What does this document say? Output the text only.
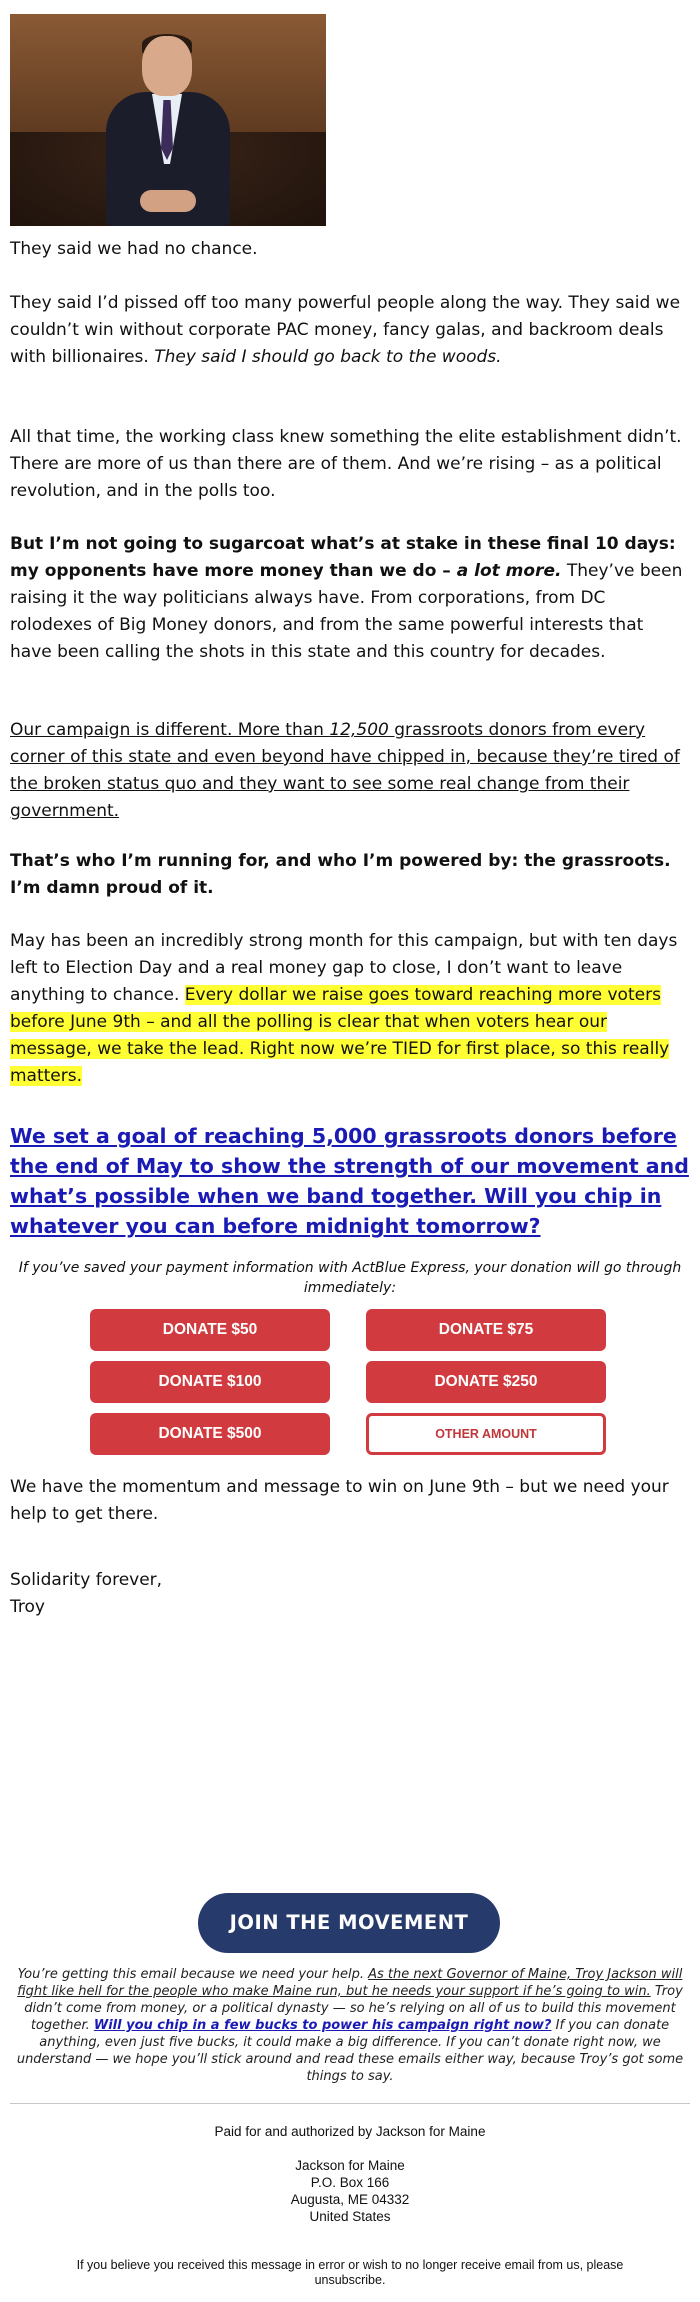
They said we had no chance.

They said I’d pissed off too many powerful people along the way. They said we couldn’t win without corporate PAC money, fancy galas, and backroom deals with billionaires. They said I should go back to the woods.

All that time, the working class knew something the elite establishment didn’t. There are more of us than there are of them. And we’re rising – as a political revolution, and in the polls too.

But I’m not going to sugarcoat what’s at stake in these final 10 days: my opponents have more money than we do – a lot more. They’ve been raising it the way politicians always have. From corporations, from DC rolodexes of Big Money donors, and from the same powerful interests that have been calling the shots in this state and this country for decades.

Our campaign is different. More than 12,500 grassroots donors from every corner of this state and even beyond have chipped in, because they’re tired of the broken status quo and they want to see some real change from their government.

That’s who I’m running for, and who I’m powered by: the grassroots. I’m damn proud of it.

May has been an incredibly strong month for this campaign, but with ten days left to Election Day and a real money gap to close, I don’t want to leave anything to chance. Every dollar we raise goes toward reaching more voters before June 9th – and all the polling is clear that when voters hear our message, we take the lead. Right now we’re TIED for first place, so this really matters.

We set a goal of reaching 5,000 grassroots donors before the end of May to show the strength of our movement and what’s possible when we band together. Will you chip in whatever you can before midnight tomorrow?

If you’ve saved your payment information with ActBlue Express, your donation will go through immediately:

DONATE $50	DONATE $75
DONATE $100	DONATE $250
DONATE $500	OTHER AMOUNT

We have the momentum and message to win on June 9th – but we need your help to get there.

Solidarity forever,

Troy

JOIN THE MOVEMENT

You’re getting this email because we need your help. As the next Governor of Maine, Troy Jackson will fight like hell for the people who make Maine run, but he needs your support if he’s going to win. Troy didn’t come from money, or a political dynasty — so he’s relying on all of us to build this movement together. Will you chip in a few bucks to power his campaign right now? If you can donate anything, even just five bucks, it could make a big difference. If you can’t donate right now, we understand — we hope you’ll stick around and read these emails either way, because Troy’s got some things to say.

Paid for and authorized by Jackson for Maine

Jackson for Maine
P.O. Box 166
Augusta, ME 04332
United States

If you believe you received this message in error or wish to no longer receive email from us, please unsubscribe.
